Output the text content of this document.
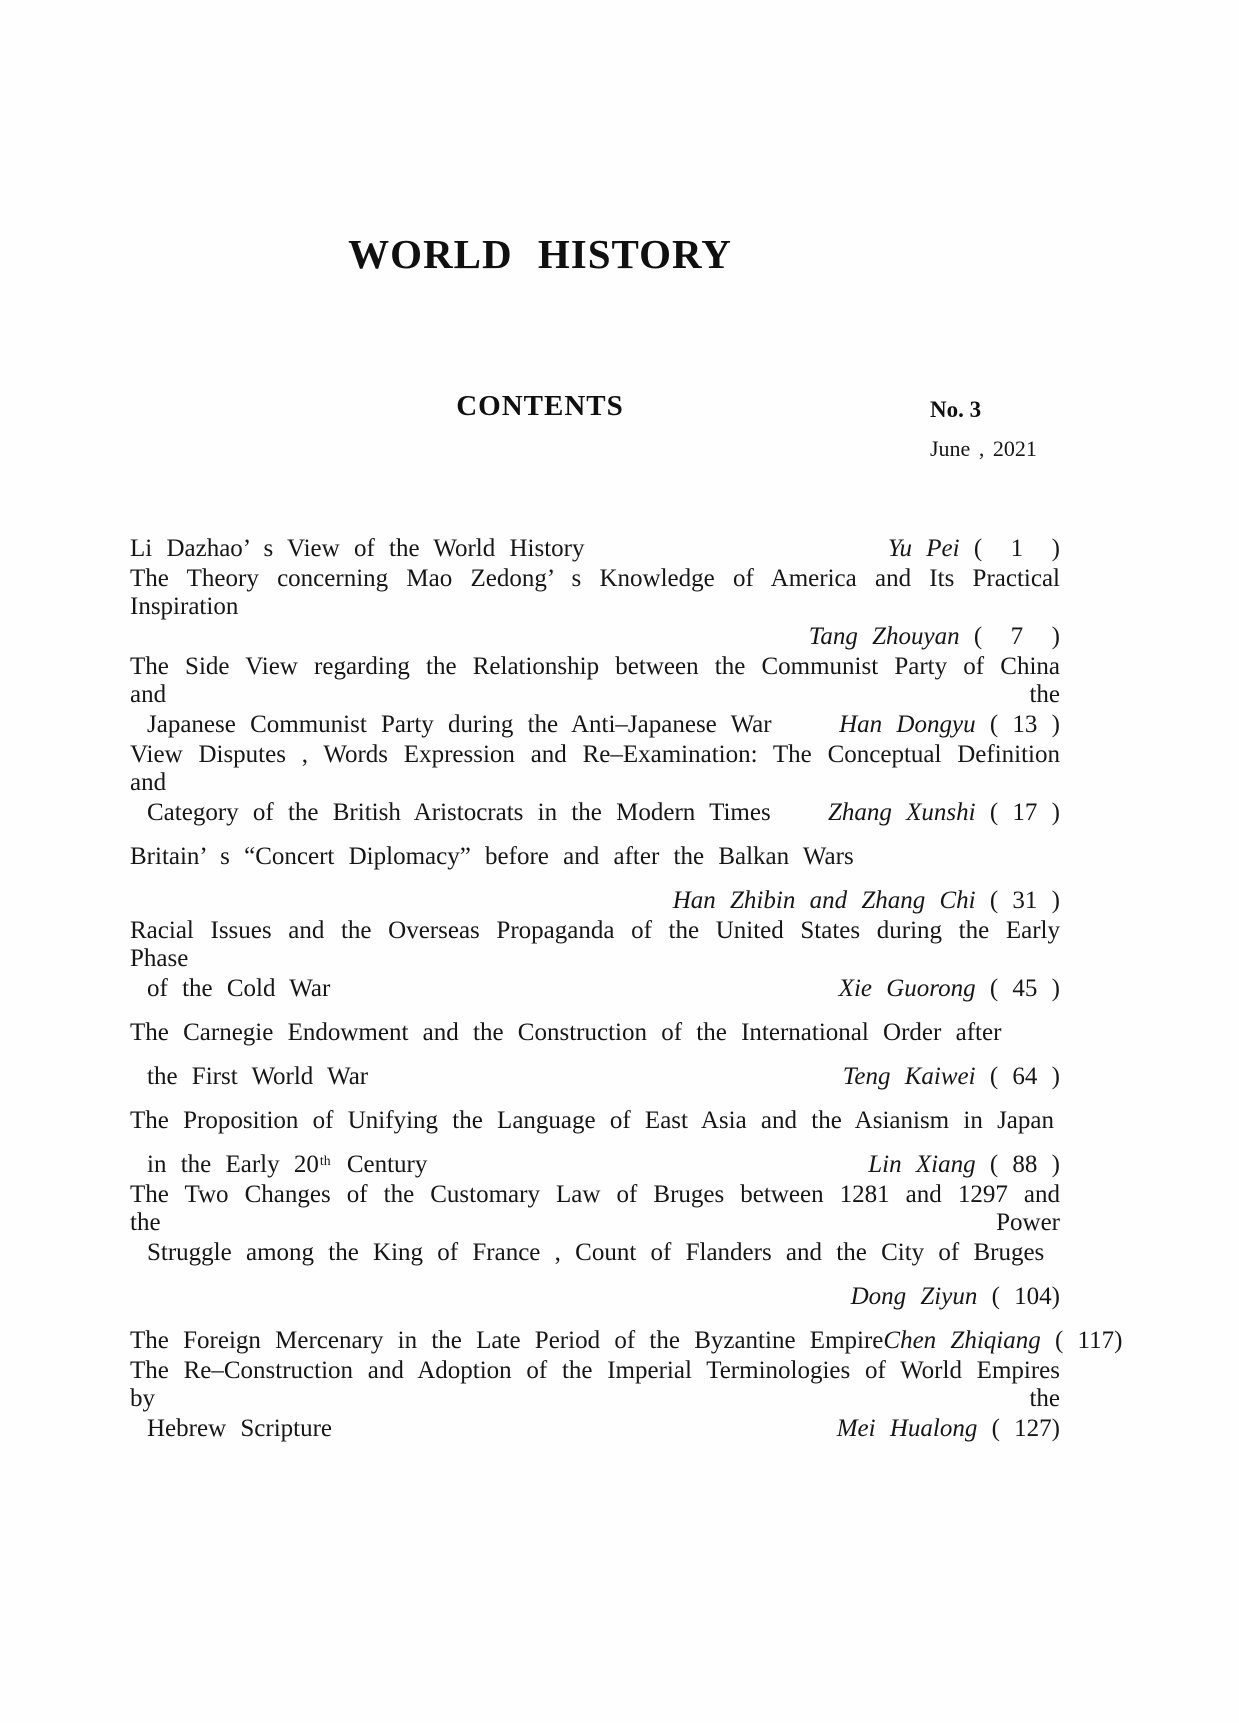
WORLD HISTORY
CONTENTS	No. 3
June , 2021
Li Dazhao’ s View of the World History	Yu Pei (  1  )
The Theory concerning Mao Zedong’ s Knowledge of America and Its Practical Inspiration
Tang Zhouyan (  7  )
The Side View regarding the Relationship between the Communist Party of China and the
Japanese Communist Party during the Anti–Japanese War	Han Dongyu ( 13 )
View Disputes , Words Expression and Re–Examination: The Conceptual Definition and
Category of the British Aristocrats in the Modern Times Zhang Xunshi ( 17 )
Britain’ s “Concert Diplomacy” before and after the Balkan Wars
Han Zhibin and Zhang Chi ( 31 )
Racial Issues and the Overseas Propaganda of the United States during the Early Phase
of the Cold War	Xie Guorong ( 45 )
The Carnegie Endowment and the Construction of the International Order after
the First World War	Teng Kaiwei ( 64 )
The Proposition of Unifying the Language of East Asia and the Asianism in Japan
in the Early 20th Century	Lin Xiang ( 88 )
The Two Changes of the Customary Law of Bruges between 1281 and 1297 and the Power
Struggle among the King of France , Count of Flanders and the City of Bruges
Dong Ziyun ( 104)
The Foreign Mercenary in the Late Period of the Byzantine Empire Chen Zhiqiang ( 117)
The Re–Construction and Adoption of the Imperial Terminologies of World Empires by the
Hebrew Scripture	Mei Hualong ( 127)
